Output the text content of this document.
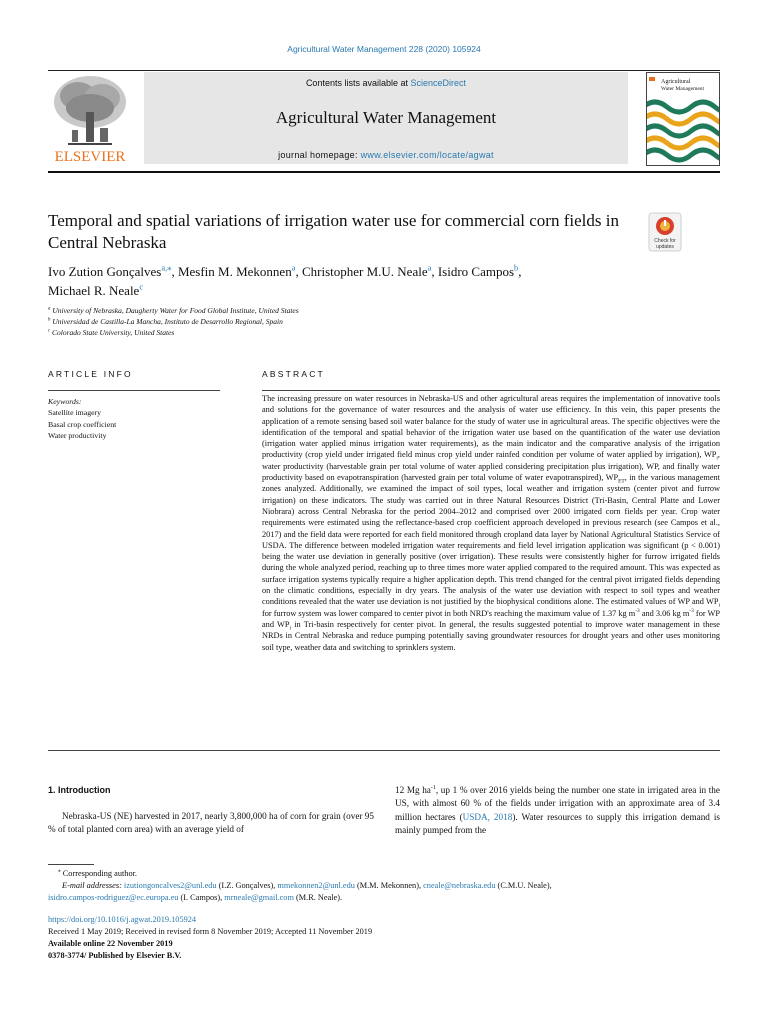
Agricultural Water Management 228 (2020) 105924
ELSEVIER
Contents lists available at ScienceDirect
Agricultural Water Management
journal homepage: www.elsevier.com/locate/agwat
Agricultural
Water Management
Temporal and spatial variations of irrigation water use for commercial corn fields in Central Nebraska	Check for
updates
Ivo Zution Gonçalves$^{a,⁎}$, Mesfin M. Mekonnen$^a$, Christopher M.U. Neale$^a$, Isidro Campos$^b$,
Michael R. Neale$^c$
$^a$ University of Nebraska, Daugherty Water for Food Global Institute, United States
$^b$ Universidad de Castilla-La Mancha, Instituto de Desarrollo Regional, Spain
$^c$ Colorado State University, United States
ARTICLE INFO	ABSTRACT
Keywords:
Satellite imagery
Basal crop coefficient
Water productivity
The increasing pressure on water resources in Nebraska-US and other agricultural areas requires the implementation of innovative tools and solutions for the governance of water resources and the analysis of water use efficiency. In this vein, this paper presents the application of a remote sensing based soil water balance for the study of water use in agricultural areas. The specific objectives were the identification of the temporal and spatial behavior of the irrigation water use based on the quantification of the water use deviation (irrigation water applied minus irrigation water requirements), as the main indicator and the comparative analysis of the irrigation productivity (crop yield under irrigated field minus crop yield under rainfed condition per volume of water applied by irrigation), $WP_i$, water productivity (harvestable grain per total volume of water applied considering precipitation plus irrigation), WP, and finally water productivity based on evapotranspiration (harvested grain per total volume of water evapotranspired), $WP_{ET}$, in the various management zones analyzed. Additionally, we examined the impact of soil types, local weather and irrigation system (center pivot and furrow irrigation) on these indicators. The study was carried out in three Natural Resources District (Tri-Basin, Central Platte and Lower Niobrara) across Central Nebraska for the period 2004–2012 and comprised over 2000 irrigated corn fields per year. Crop water requirements were estimated using the reflectance-based crop coefficient approach developed in previous research (see Campos et al., 2017) and the field data were reported for each field monitored through cropland data layer by National Agricultural Statistics Service of USDA. The difference between modeled irrigation water requirements and field level irrigation application was significant (p < 0.001) being the water use deviation in generally positive (over irrigation). These results were consistently higher for furrow irrigated fields during the whole analyzed period, reaching up to three times more water applied compared to the required amount. This was expected as surface irrigation systems typically require a higher application depth. This trend changed for the central pivot irrigated fields depending on the climatic conditions, especially in dry years. The analysis of the water use deviation with respect to soil types and weather conditions revealed that the water use deviation is not justified by the biophysical conditions alone. The estimated values of WP and $WP_i$ for furrow system was lower compared to center pivot in both NRD's reaching the maximum value of 1.37 kg $m^{-3}$ and 3.06 kg $m^{-3}$ for WP and $WP_i$ in Tri-basin respectively for center pivot. In general, the results suggested potential to improve water management in these NRDs in Central Nebraska and reduce pumping potentially saving groundwater resources for drought years and other uses monitoring soil type, weather data and switching to sprinklers system.
1. Introduction
Nebraska-US (NE) harvested in 2017, nearly 3,800,000 ha of corn for grain (over 95 % of total planted corn area) with an average yield of
12 Mg $ha^{-1}$, up 1 % over 2016 yields being the number one state in irrigated area in the US, with almost 60 % of the fields under irrigation with an approximate area of 3.4 million hectares (USDA, 2018). Water resources to supply this irrigation demand is mainly pumped from the
⁎ Corresponding author.
E-mail addresses: izutiongoncalves2@unl.edu (I.Z. Gonçalves), mmekonnen2@unl.edu (M.M. Mekonnen), cneale@nebraska.edu (C.M.U. Neale),
isidro.campos-rodriguez@ec.europa.eu (I. Campos), mrneale@gmail.com (M.R. Neale).
https://doi.org/10.1016/j.agwat.2019.105924
Received 1 May 2019; Received in revised form 8 November 2019; Accepted 11 November 2019
Available online 22 November 2019
0378-3774/ Published by Elsevier B.V.
